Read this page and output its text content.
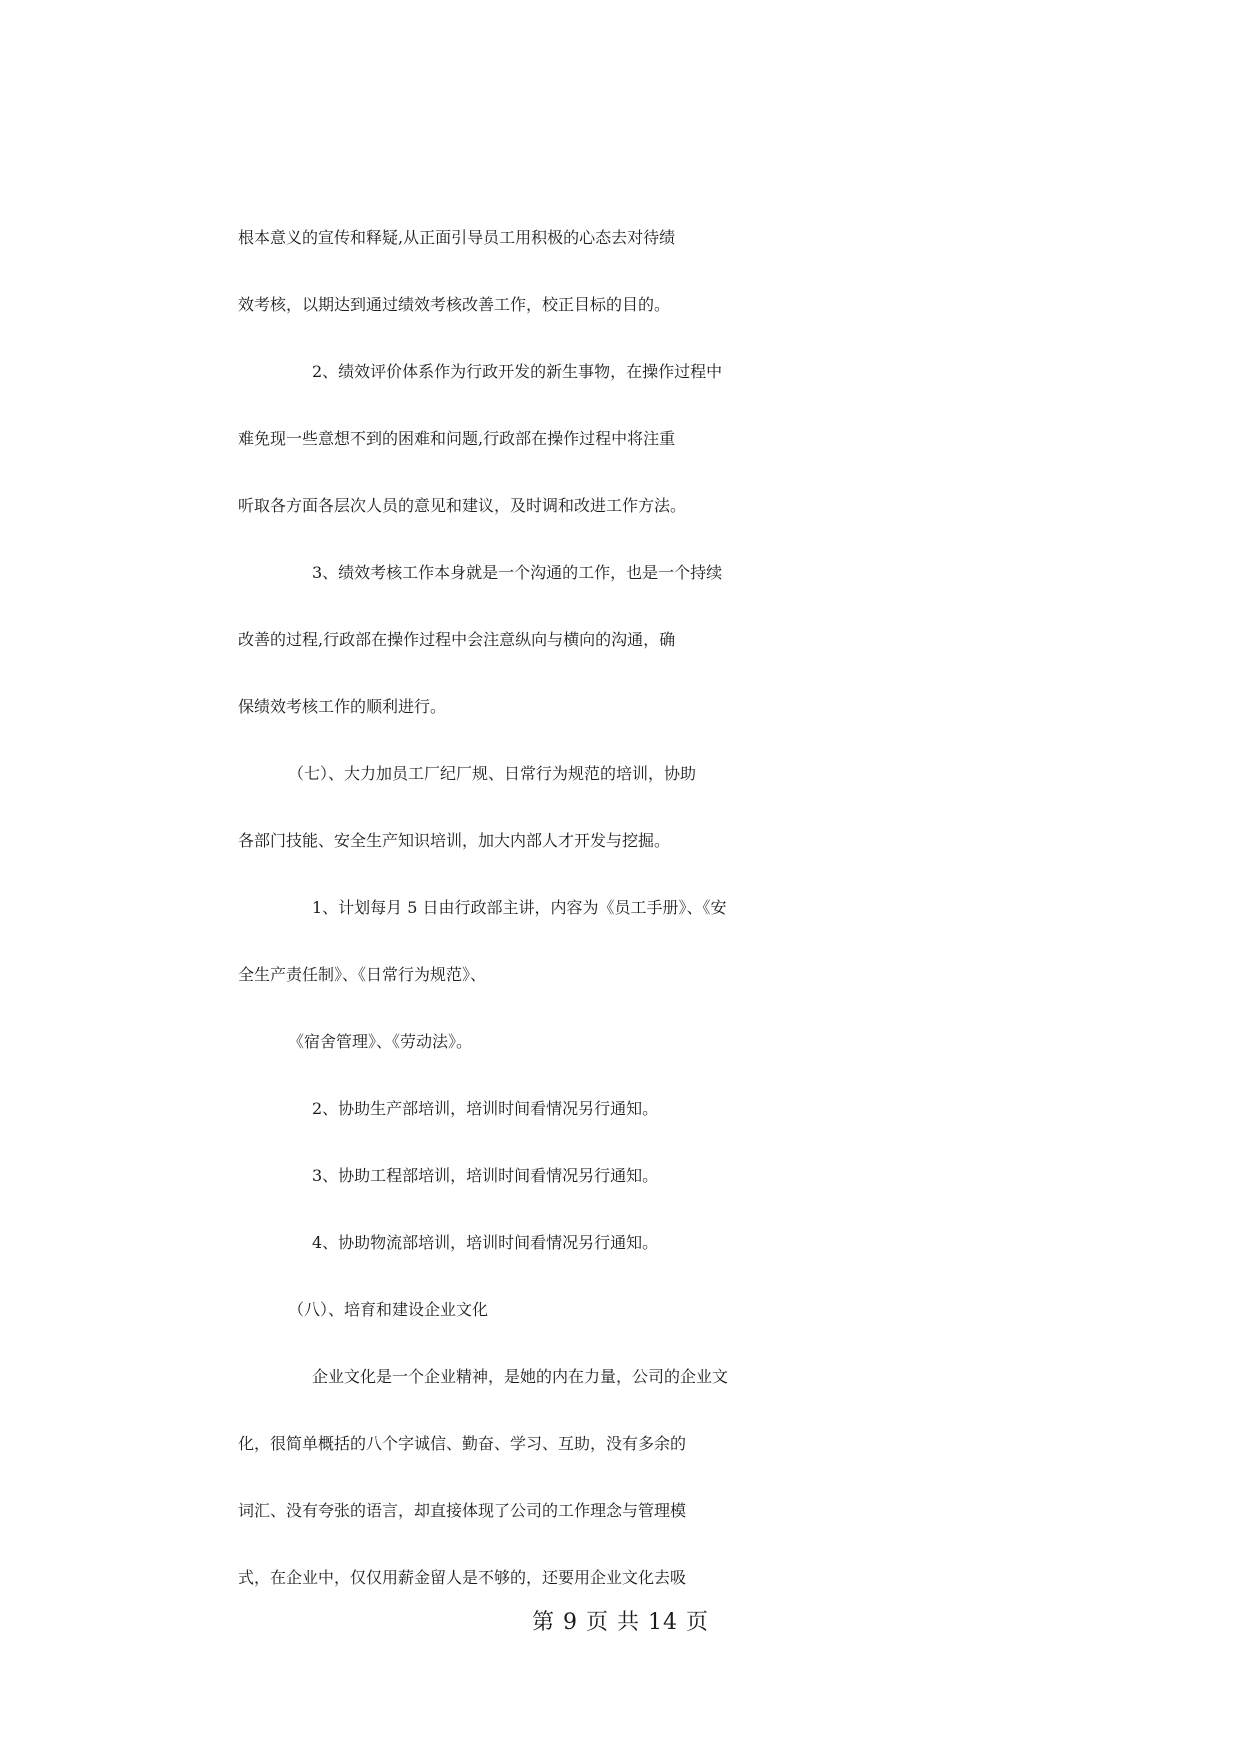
根本意义的宣传和释疑,从正面引导员工用积极的心态去对待绩
效考核，以期达到通过绩效考核改善工作，校正目标的目的。
2、绩效评价体系作为行政开发的新生事物，在操作过程中
难免现一些意想不到的困难和问题,行政部在操作过程中将注重
听取各方面各层次人员的意见和建议，及时调和改进工作方法。
3、绩效考核工作本身就是一个沟通的工作，也是一个持续
改善的过程,行政部在操作过程中会注意纵向与横向的沟通，确
保绩效考核工作的顺利进行。
（七）、大力加员工厂纪厂规、日常行为规范的培训，协助
各部门技能、安全生产知识培训，加大内部人才开发与挖掘。
1、计划每月 5 日由行政部主讲，内容为《员工手册》、《安
全生产责任制》、《日常行为规范》、
《宿舍管理》、《劳动法》。
2、协助生产部培训，培训时间看情况另行通知。
3、协助工程部培训，培训时间看情况另行通知。
4、协助物流部培训，培训时间看情况另行通知。
（八）、培育和建设企业文化
企业文化是一个企业精神，是她的内在力量，公司的企业文
化，很简单概括的八个字诚信、勤奋、学习、互助，没有多余的
词汇、没有夸张的语言，却直接体现了公司的工作理念与管理模
式，在企业中，仅仅用薪金留人是不够的，还要用企业文化去吸
第 9 页 共 14 页
